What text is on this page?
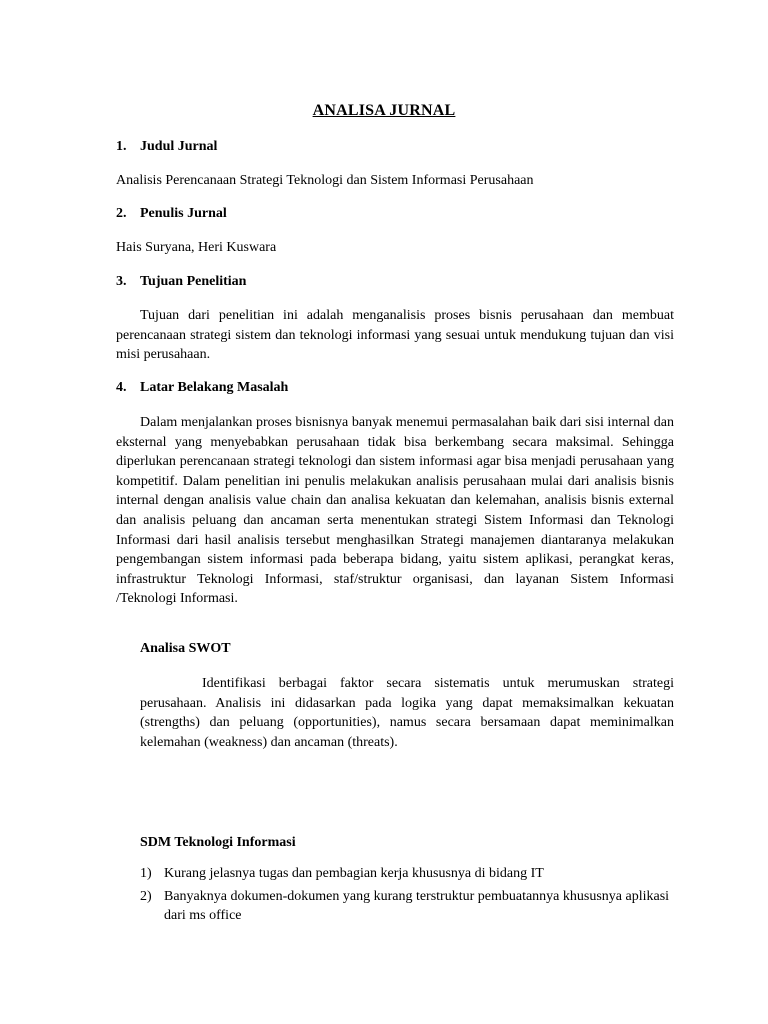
ANALISA JURNAL
1. Judul Jurnal
Analisis Perencanaan Strategi Teknologi dan Sistem Informasi Perusahaan
2. Penulis Jurnal
Hais Suryana, Heri Kuswara
3. Tujuan Penelitian

Tujuan dari penelitian ini adalah menganalisis proses bisnis perusahaan dan membuat perencanaan strategi sistem dan teknologi informasi yang sesuai untuk mendukung tujuan dan visi misi perusahaan.

4. Latar Belakang Masalah

Dalam menjalankan proses bisnisnya banyak menemui permasalahan baik dari sisi internal dan eksternal yang menyebabkan perusahaan tidak bisa berkembang secara maksimal. Sehingga diperlukan perencanaan strategi teknologi dan sistem informasi agar bisa menjadi perusahaan yang kompetitif. Dalam penelitian ini penulis melakukan analisis perusahaan mulai dari analisis bisnis internal dengan analisis value chain dan analisa kekuatan dan kelemahan, analisis bisnis external dan analisis peluang dan ancaman serta menentukan strategi Sistem Informasi dan Teknologi Informasi dari hasil analisis tersebut menghasilkan Strategi manajemen diantaranya melakukan pengembangan sistem informasi pada beberapa bidang, yaitu sistem aplikasi, perangkat keras, infrastruktur Teknologi Informasi, staf/struktur organisasi, dan layanan Sistem Informasi /Teknologi Informasi.

Analisa SWOT

Identifikasi berbagai faktor secara sistematis untuk merumuskan strategi perusahaan. Analisis ini didasarkan pada logika yang dapat memaksimalkan kekuatan (strengths) dan peluang (opportunities), namus secara bersamaan dapat meminimalkan kelemahan (weakness) dan ancaman (threats).

SDM Teknologi Informasi
1) Kurang jelasnya tugas dan pembagian kerja khususnya di bidang IT
2) Banyaknya dokumen-dokumen yang kurang terstruktur pembuatannya khususnya aplikasi dari ms office
